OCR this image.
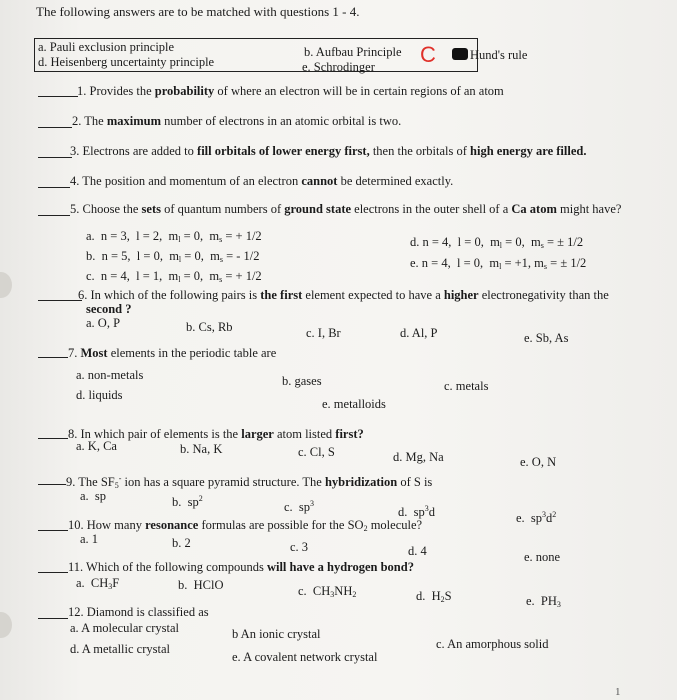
The following answers are to be matched with questions 1 - 4.
a. Pauli exclusion principle
d. Heisenberg uncertainty principle
b. Aufbau Principle
e. Schrodinger C	Hund's rule
1. Provides the probability of where an electron will be in certain regions of an atom
2. The maximum number of electrons in an atomic orbital is two.
3. Electrons are added to fill orbitals of lower energy first, then the orbitals of high energy are filled.
4. The position and momentum of an electron cannot be determined exactly.
5. Choose the sets of quantum numbers of ground state electrons in the outer shell of a Ca atom might have?
a.  n = 3,  l = 2,  $m_l = 0$,  $m_s$ = + 1/2
b.  n = 5,  l = 0,  $m_l = 0$,  $m_s$ = - 1/2
c.  n = 4,  l = 1,  $m_l = 0$,  $m_s$ = + 1/2
d. n = 4,  l = 0,  $m_l = 0$,  $m_s$ = ± 1/2
e. n = 4,  l = 0,  $m_l = +1$, $m_s$ = ± 1/2
6. In which of the following pairs is the first element expected to have a higher electronegativity than the
second ?
a. O, P	b. Cs, Rb	c. I, Br	d. Al, P	e. Sb, As
7. Most elements in the periodic table are
a. non-metals	b. gases	c. metals
d. liquids
e. metalloids
8. In which pair of elements is the larger atom listed first?
a. K, Ca	b. Na, K	c. Cl, S	d. Mg, Na	e. O, N
9. The $SF_5^-$ ion has a square pyramid structure. The hybridization of S is
a.  sp	b.  $sp^2$
c.  $sp^3$
d.  $sp^3d$	e.  $sp^3d^2$
10. How many resonance formulas are possible for the $SO_2$ molecule?
a. 1	b. 2	c. 3	d. 4	e. none
11. Which of the following compounds will have a hydrogen bond?
a.  $CH_3F$	b.  HClO	c.  $CH_3NH_2$	d.  $H_2S$	e.  $PH_3$
12. Diamond is classified as
a. A molecular crystal	b An ionic crystal
c. An amorphous solid
d. A metallic crystal
e. A covalent network crystal
1
